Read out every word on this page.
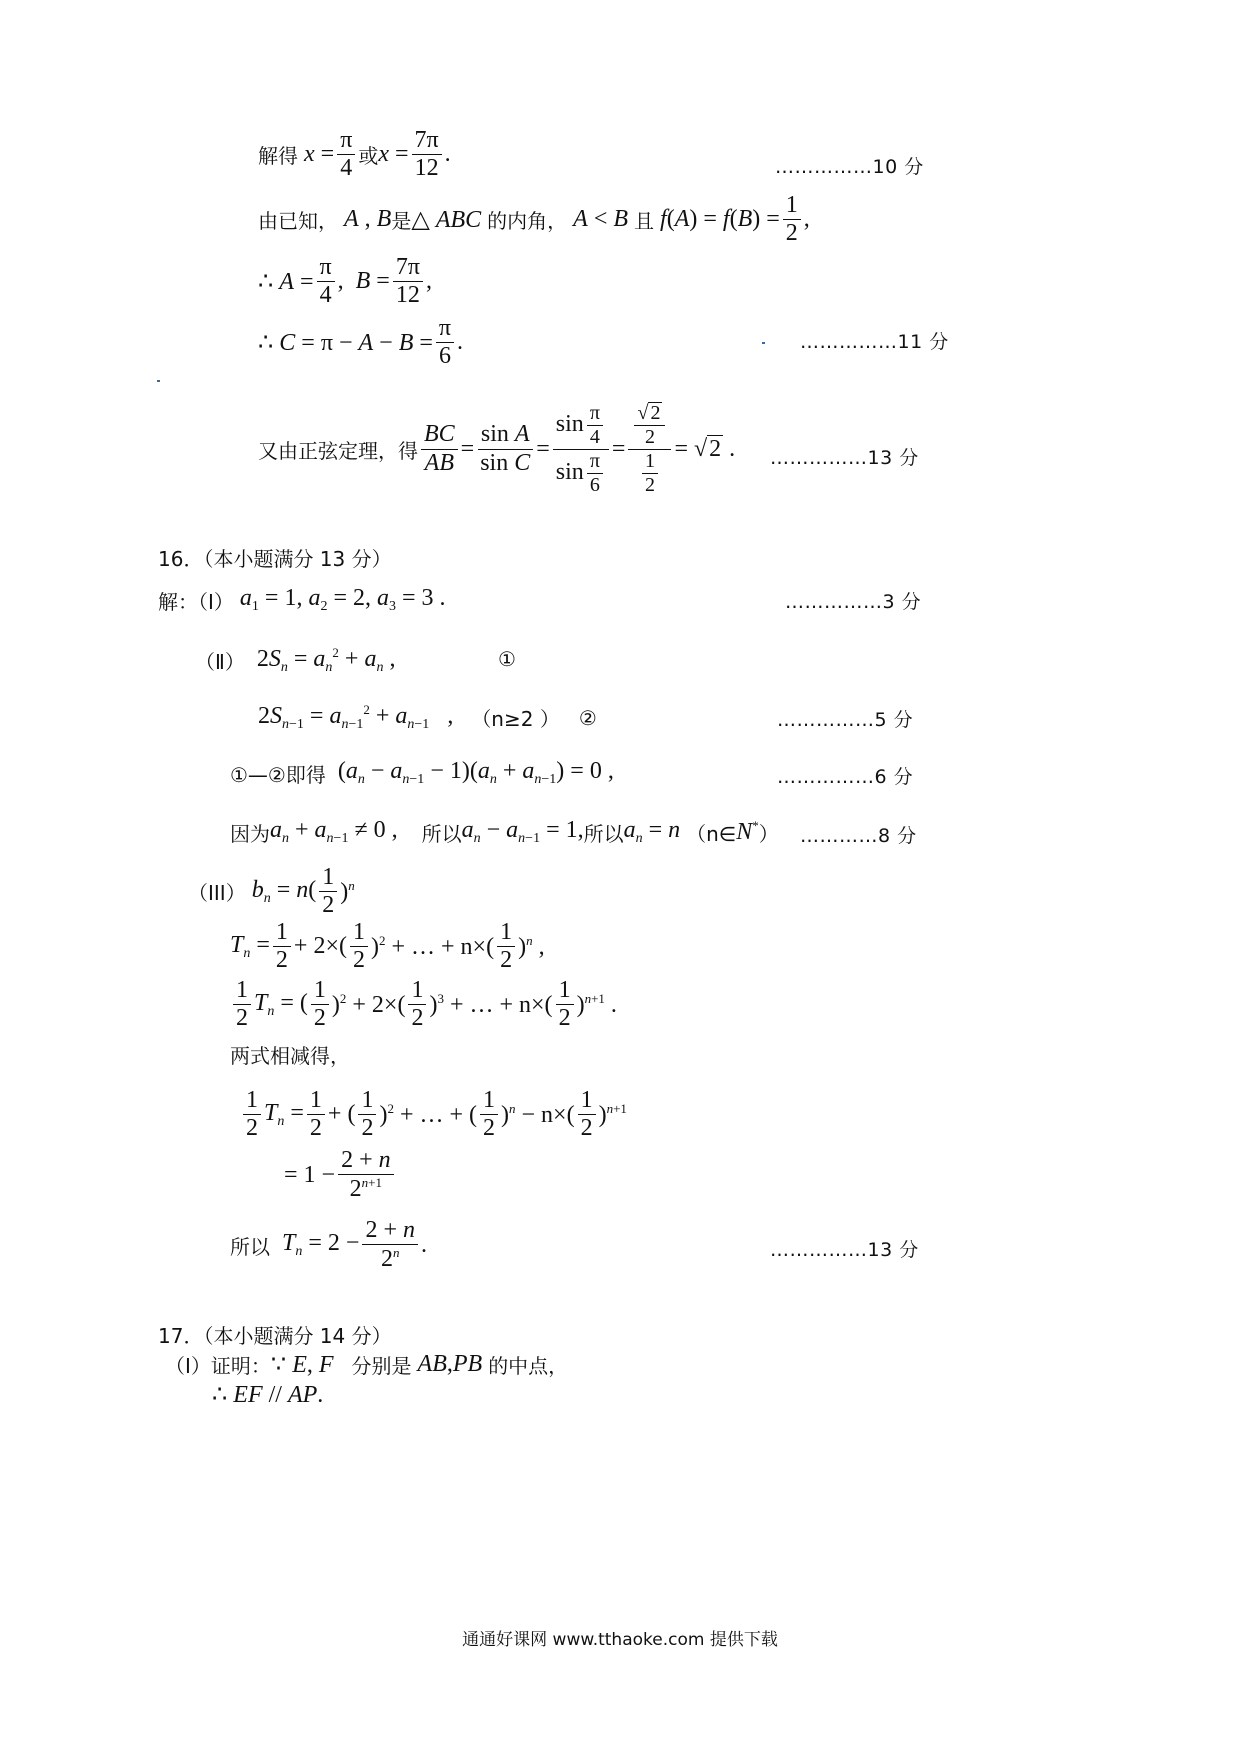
解得 $x = \frac{\pi}{4}$ 或 $x = \frac{7\pi}{12}$ .	……………10 分
由已知， A , B 是 △ ABC 的内角， A < B 且 $f(A) = f(B) = \frac{1}{2}$ ,
∴ $A = \frac{\pi}{4}$ ,  $B = \frac{7\pi}{12}$ ,
∴ $C = \pi - A - B = \frac{\pi}{6}$ .	……………11 分
又由正弦定理，得 $\frac{BC}{AB} = \frac{\text{sin A}}{\text{sin C}} = \frac{\sin \frac{\pi}{4}}{\sin \frac{\pi}{6}} = \frac{\frac{√ 2}{2}}{\frac{1}{2}}$ = √ 2 . ……………13 分
16．（本小题满分 13 分）
解：（Ⅰ） $a_1 = 1$, $a_2 = 2$, $a_3 = 3$ .	……………3 分
（Ⅱ） $2S_n = a_n^2 + a_n$ ,	①
$2S_{n-1} = a_{n-1}^2 + a_{n-1}$   , （n≥2 ）
②	……………5 分
①—②即得 $(a_n - a_{n-1} - 1)(a_n + a_{n-1}) = 0$ ,	……………6 分
因为 $a_n + a_{n-1} \ne 0$ , 所以 $a_n - a_{n-1} = 1$, 所以 $a_n = n$ （n∈ N* ） …………8 分
（III） $b_n = n( \frac{1}{2} )^n$
$T_n = \frac{1}{2} + 2\times( \frac{1}{2} )^2$ + … + $n\times( \frac{1}{2} )^n$ ,
$\frac{1}{2} T_n$ = ( $\frac{1}{2} )^2 + 2\times( \frac{1}{2} )^3$ + … + $n\times( \frac{1}{2} )^{n+1}$ .
两式相减得，
$\frac{1}{2} T_n = \frac{1}{2}$ + ( $\frac{1}{2} )^2$ + … + ( $\frac{1}{2} )^n - n\times( \frac{1}{2} )^{n+1}$
= $1 - \frac{2 + n}{2^{n+1}}$
所以 $T_n = 2 - \frac{2 + n}{2^n}$ .	……………13 分
17．（本小题满分 14 分）
（Ⅰ）证明： ∵ E, F 分别是 AB,PB 的中点，
∴ EF // AP.
通通好课网 www.tthaoke.com 提供下载
